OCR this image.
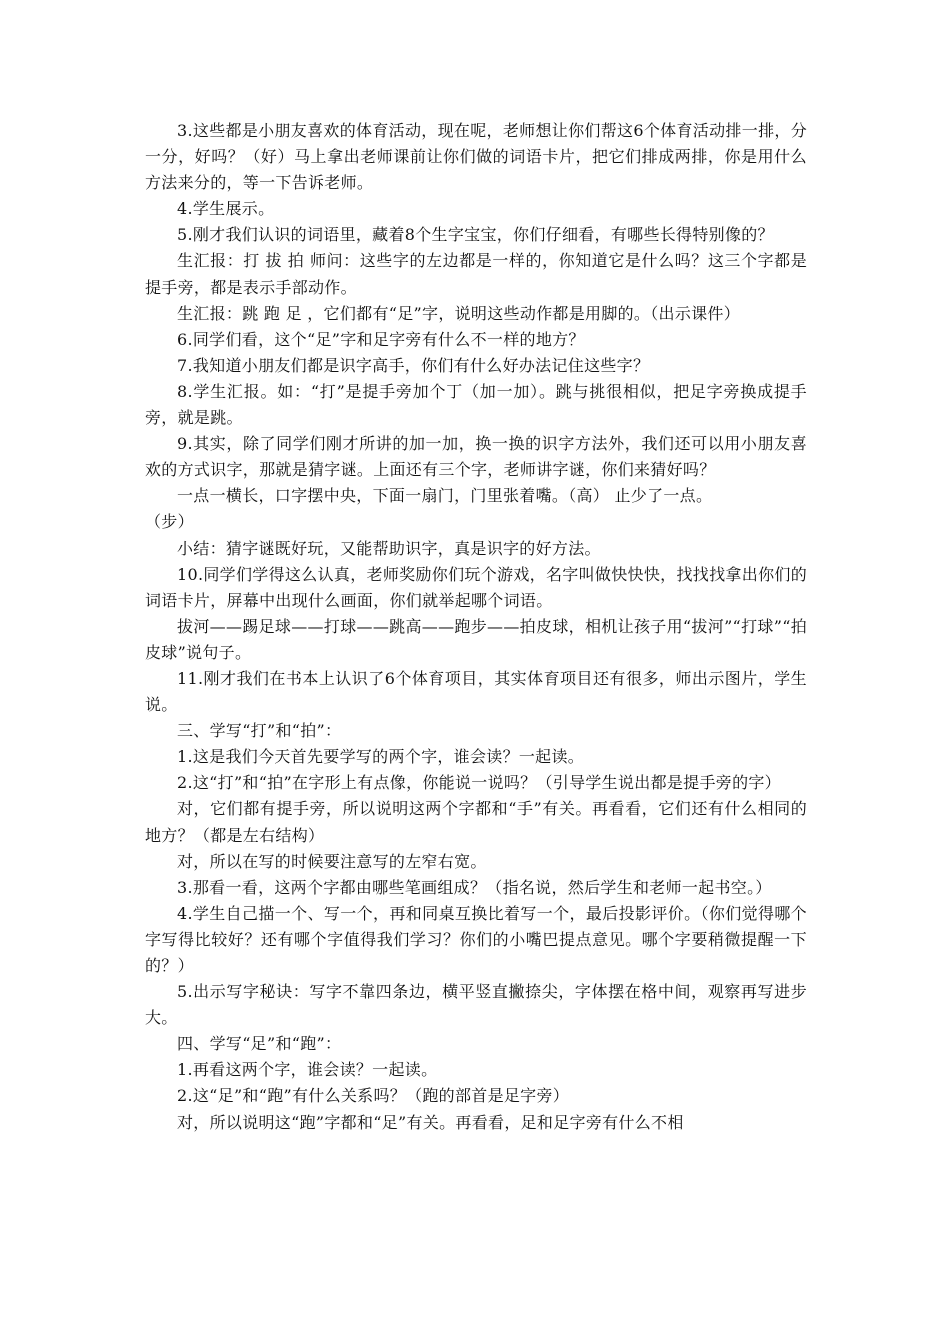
3.这些都是小朋友喜欢的体育活动，现在呢，老师想让你们帮这6个体育活动排一排，分一分，好吗？（好）马上拿出老师课前让你们做的词语卡片，把它们排成两排，你是用什么方法来分的，等一下告诉老师。

4.学生展示。

5.刚才我们认识的词语里，藏着8个生字宝宝，你们仔细看，有哪些长得特别像的？

生汇报：打 拔 拍 师问：这些字的左边都是一样的，你知道它是什么吗？这三个字都是提手旁，都是表示手部动作。

生汇报：跳 跑 足 ，它们都有“足”字，说明这些动作都是用脚的。（出示课件）

6.同学们看，这个“足”字和足字旁有什么不一样的地方？

7.我知道小朋友们都是识字高手，你们有什么好办法记住这些字？

8.学生汇报。如：“打”是提手旁加个丁（加一加）。跳与挑很相似，把足字旁换成提手旁，就是跳。

9.其实，除了同学们刚才所讲的加一加，换一换的识字方法外，我们还可以用小朋友喜欢的方式识字，那就是猜字谜。上面还有三个字，老师讲字谜，你们来猜好吗？

一点一横长，口字摆中央，下面一扇门，门里张着嘴。（高） 止少了一点。

（步）

小结：猜字谜既好玩，又能帮助识字，真是识字的好方法。

10.同学们学得这么认真，老师奖励你们玩个游戏，名字叫做快快快，找找找拿出你们的词语卡片，屏幕中出现什么画面，你们就举起哪个词语。

拔河——踢足球——打球——跳高——跑步——拍皮球，相机让孩子用“拔河”“打球”“拍皮球”说句子。

11.刚才我们在书本上认识了6个体育项目，其实体育项目还有很多，师出示图片，学生说。

三、学写“打”和“拍”：

1.这是我们今天首先要学写的两个字，谁会读？一起读。

2.这“打”和“拍”在字形上有点像，你能说一说吗？（引导学生说出都是提手旁的字）

对，它们都有提手旁，所以说明这两个字都和“手”有关。再看看，它们还有什么相同的地方？（都是左右结构）

对，所以在写的时候要注意写的左窄右宽。

3.那看一看，这两个字都由哪些笔画组成？（指名说，然后学生和老师一起书空。）

4.学生自己描一个、写一个，再和同桌互换比着写一个，最后投影评价。（你们觉得哪个字写得比较好？还有哪个字值得我们学习？你们的小嘴巴提点意见。哪个字要稍微提醒一下的？）

5.出示写字秘诀：写字不靠四条边，横平竖直撇捺尖，字体摆在格中间，观察再写进步大。

四、学写“足”和“跑”：

1.再看这两个字，谁会读？一起读。

2.这“足”和“跑”有什么关系吗？（跑的部首是足字旁）

对，所以说明这“跑”字都和“足”有关。再看看，足和足字旁有什么不相
